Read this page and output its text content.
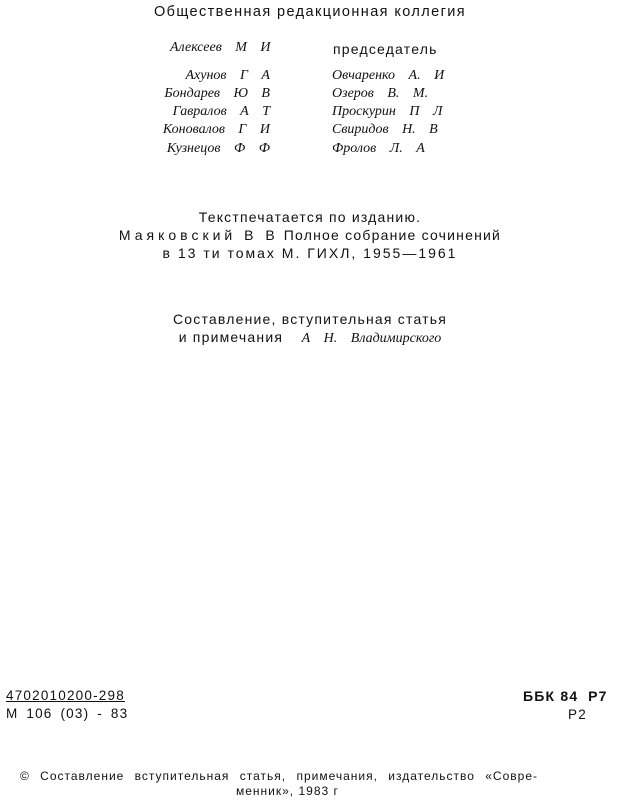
Общественная редакционная коллегия
Алексеев М И	председатель
Ахунов Г А
Бондарев Ю В
Гавралов А Т
Коновалов Г И
Кузнецов Ф Ф
Овчаренко А. И
Озеров В. М.
Проскурин П Л
Свиридов Н. В
Фролов Л. А
Текстпечатается по изданию.
Маяковский В В Полное собрание сочинений
в 13 ти томах М. ГИХЛ, 1955—1961
Составление, вступительная статья
и примечания А Н. Владимирского
4702010200-298
М 106 (03) - 83
ББК 84 Р7
Р2
© Составление вступительная статья, примечания, издательство «Совре-
менник», 1983 г
